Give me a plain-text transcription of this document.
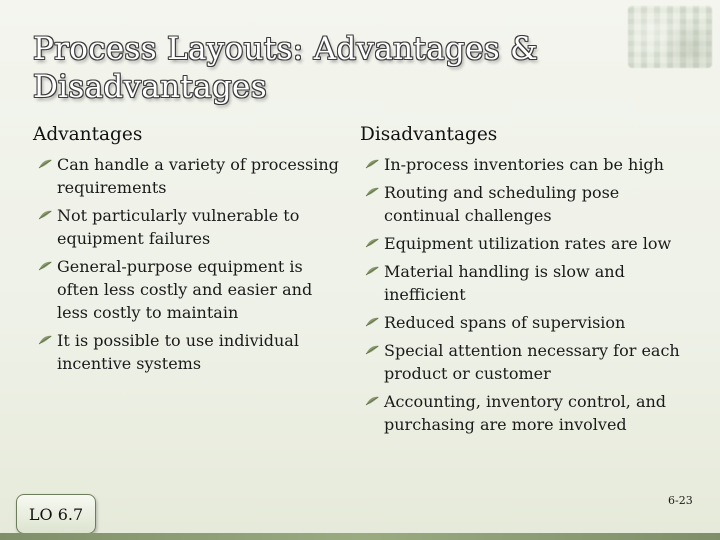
Process Layouts: Advantages & Disadvantages
Advantages
Can handle a variety of processing requirements
Not particularly vulnerable to equipment failures
General-purpose equipment is often less costly and easier and less costly to maintain
It is possible to use individual incentive systems
Disadvantages
In-process inventories can be high
Routing and scheduling pose continual challenges
Equipment utilization rates are low
Material handling is slow and inefficient
Reduced spans of supervision
Special attention necessary for each product or customer
Accounting, inventory control, and purchasing are more involved
LO 6.7
6-23
